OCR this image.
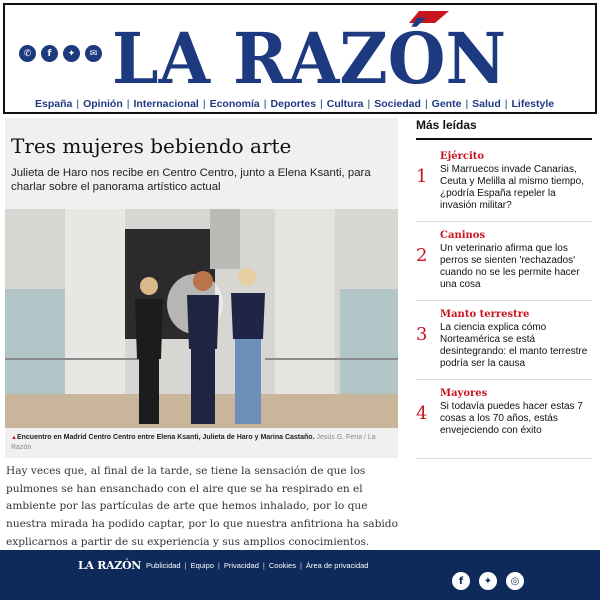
✆	f	✦	✉ LA RAZÓN
España | Opinión | Internacional | Economía | Deportes | Cultura | Sociedad | Gente | Salud | Lifestyle
Tres mujeres bebiendo arte

Julieta de Haro nos recibe en Centro Centro, junto a Elena Ksanti, para charlar sobre el panorama artístico actual

▲Encuentro en Madrid Centro Centro entre Elena Ksanti, Julieta de Haro y Marina Castaño. Jesús G. Feria / La Razón

Hay veces que, al final de la tarde, se tiene la sensación de que los pulmones se han ensanchado con el aire que se ha respirado en el ambiente por las partículas de arte que hemos inhalado, por lo que nuestra mirada ha podido captar, por lo que nuestra anfitriona ha sabido explicarnos a partir de su experiencia y sus amplios conocimientos.

Más leídas
1
Ejército
Si Marruecos invade Canarias, Ceuta y Melilla al mismo tiempo, ¿podría España repeler la invasión militar?
2
Caninos
Un veterinario afirma que los perros se sienten 'rechazados' cuando no se les permite hacer una cosa
3
Manto terrestre
La ciencia explica cómo Norteamérica se está desintegrando: el manto terrestre podría ser la causa
4
Mayores
Si todavía puedes hacer estas 7 cosas a los 70 años, estás envejeciendo con éxito
LA RAZÓN Publicidad | Equipo | Privacidad | Cookies | Área de privacidad
f	✦	◎
